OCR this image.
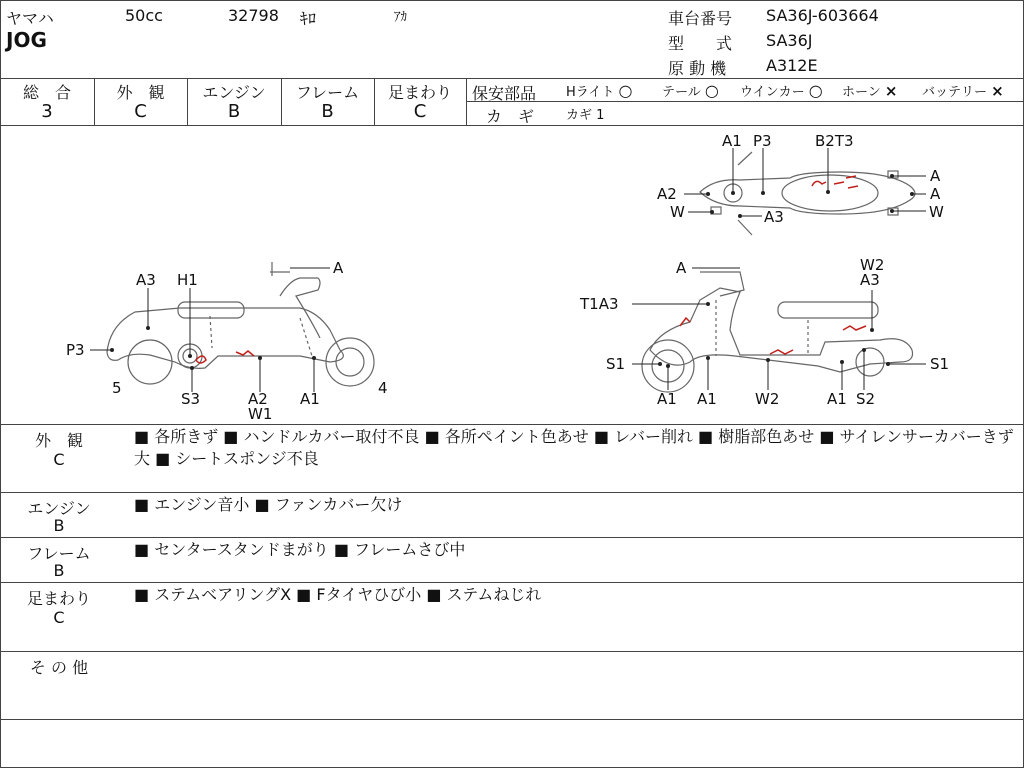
ヤマハ	50cc	32798 ｷﾛ	ｱｶ
JOG
車台番号 SA36J-603664
型　　式 SA36J
原 動 機 A312E
総　合
3
外　観
C
エンジン
B
フレーム
B
足まわり
C
保安部品 Hライト ○ テール ○ ウインカー ○ ホーン × バッテリー ×
カ　ギ カギ 1
A
A3 H1
P3
5
S3	A2
W1
A1
4
A1 P3	B2T3
A2
W	A3
A
A
W
A
T1A3
W2
A3
S1	S1
A1 A1	W2	A1 S2
外　観
C
■ 各所きず ■ ハンドルカバー取付不良 ■ 各所ペイント色あせ ■ レバー削れ ■ 樹脂部色あせ ■ サイレンサーカバーきず大 ■ シートスポンジ不良
エンジン
B
■ エンジン音小 ■ ファンカバー欠け
フレーム
B
■ センタースタンドまがり ■ フレームさび中
足まわり
C
■ ステムベアリングX ■ Fタイヤひび小 ■ ステムねじれ
そ の 他
